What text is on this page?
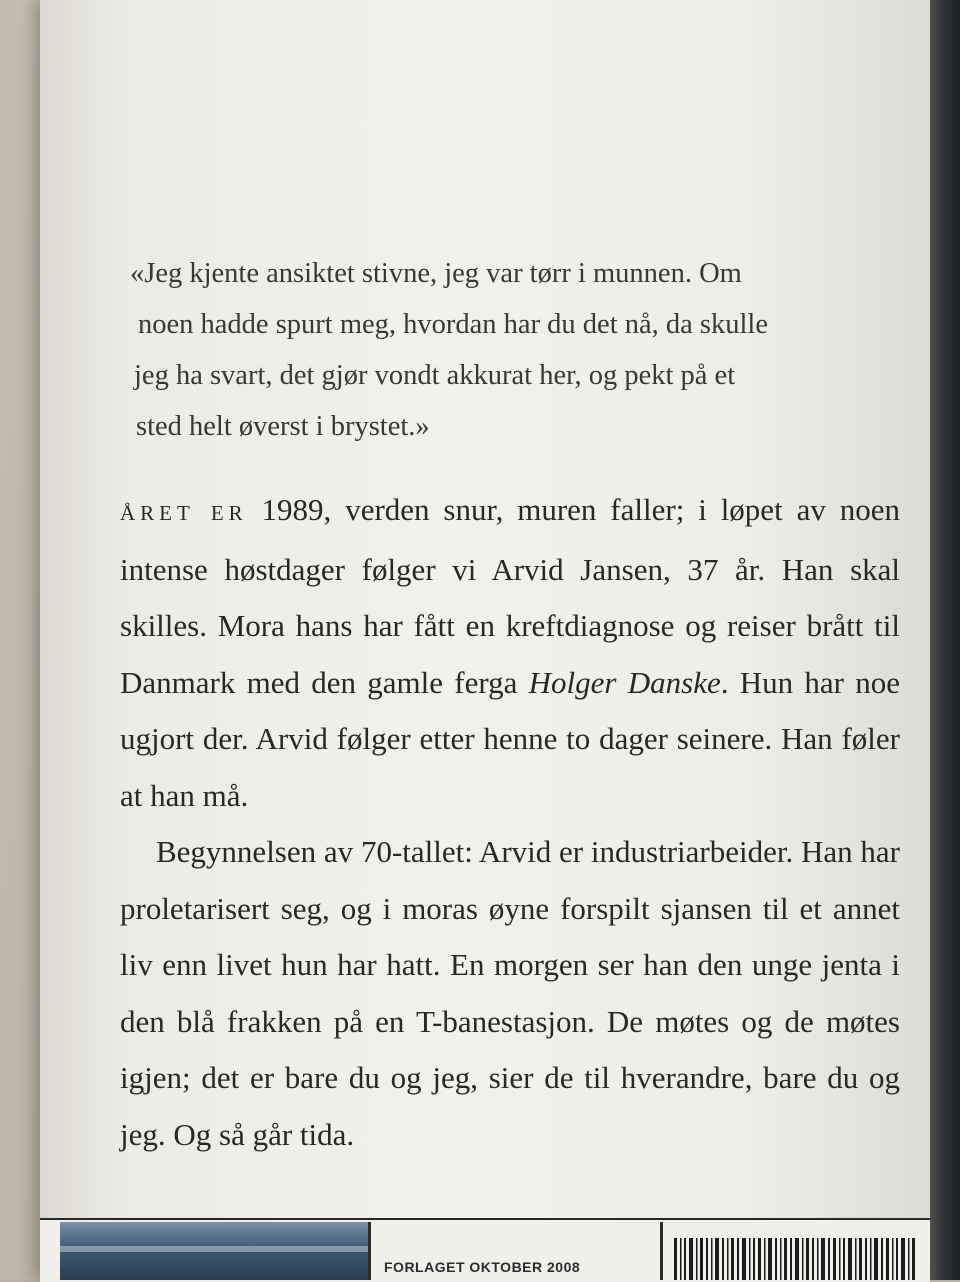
«Jeg kjente ansiktet stivne, jeg var tørr i munnen. Om
noen hadde spurt meg, hvordan har du det nå, da skulle
jeg ha svart, det gjør vondt akkurat her, og pekt på et
sted helt øverst i brystet.»

ÅRET ER 1989, verden snur, muren faller; i løpet av noen intense høstdager følger vi Arvid Jansen, 37 år. Han skal skilles. Mora hans har fått en kreftdiagnose og reiser brått til Danmark med den gamle ferga Holger Danske. Hun har noe ugjort der. Arvid følger etter henne to dager seinere. Han føler at han må.

Begynnelsen av 70-tallet: Arvid er industriarbeider. Han har proletarisert seg, og i moras øyne forspilt sjansen til et annet liv enn livet hun har hatt. En morgen ser han den unge jenta i den blå frakken på en T-banestasjon. De møtes og de møtes igjen; det er bare du og jeg, sier de til hverandre, bare du og jeg. Og så går tida.

FORLAGET OKTOBER 2008
